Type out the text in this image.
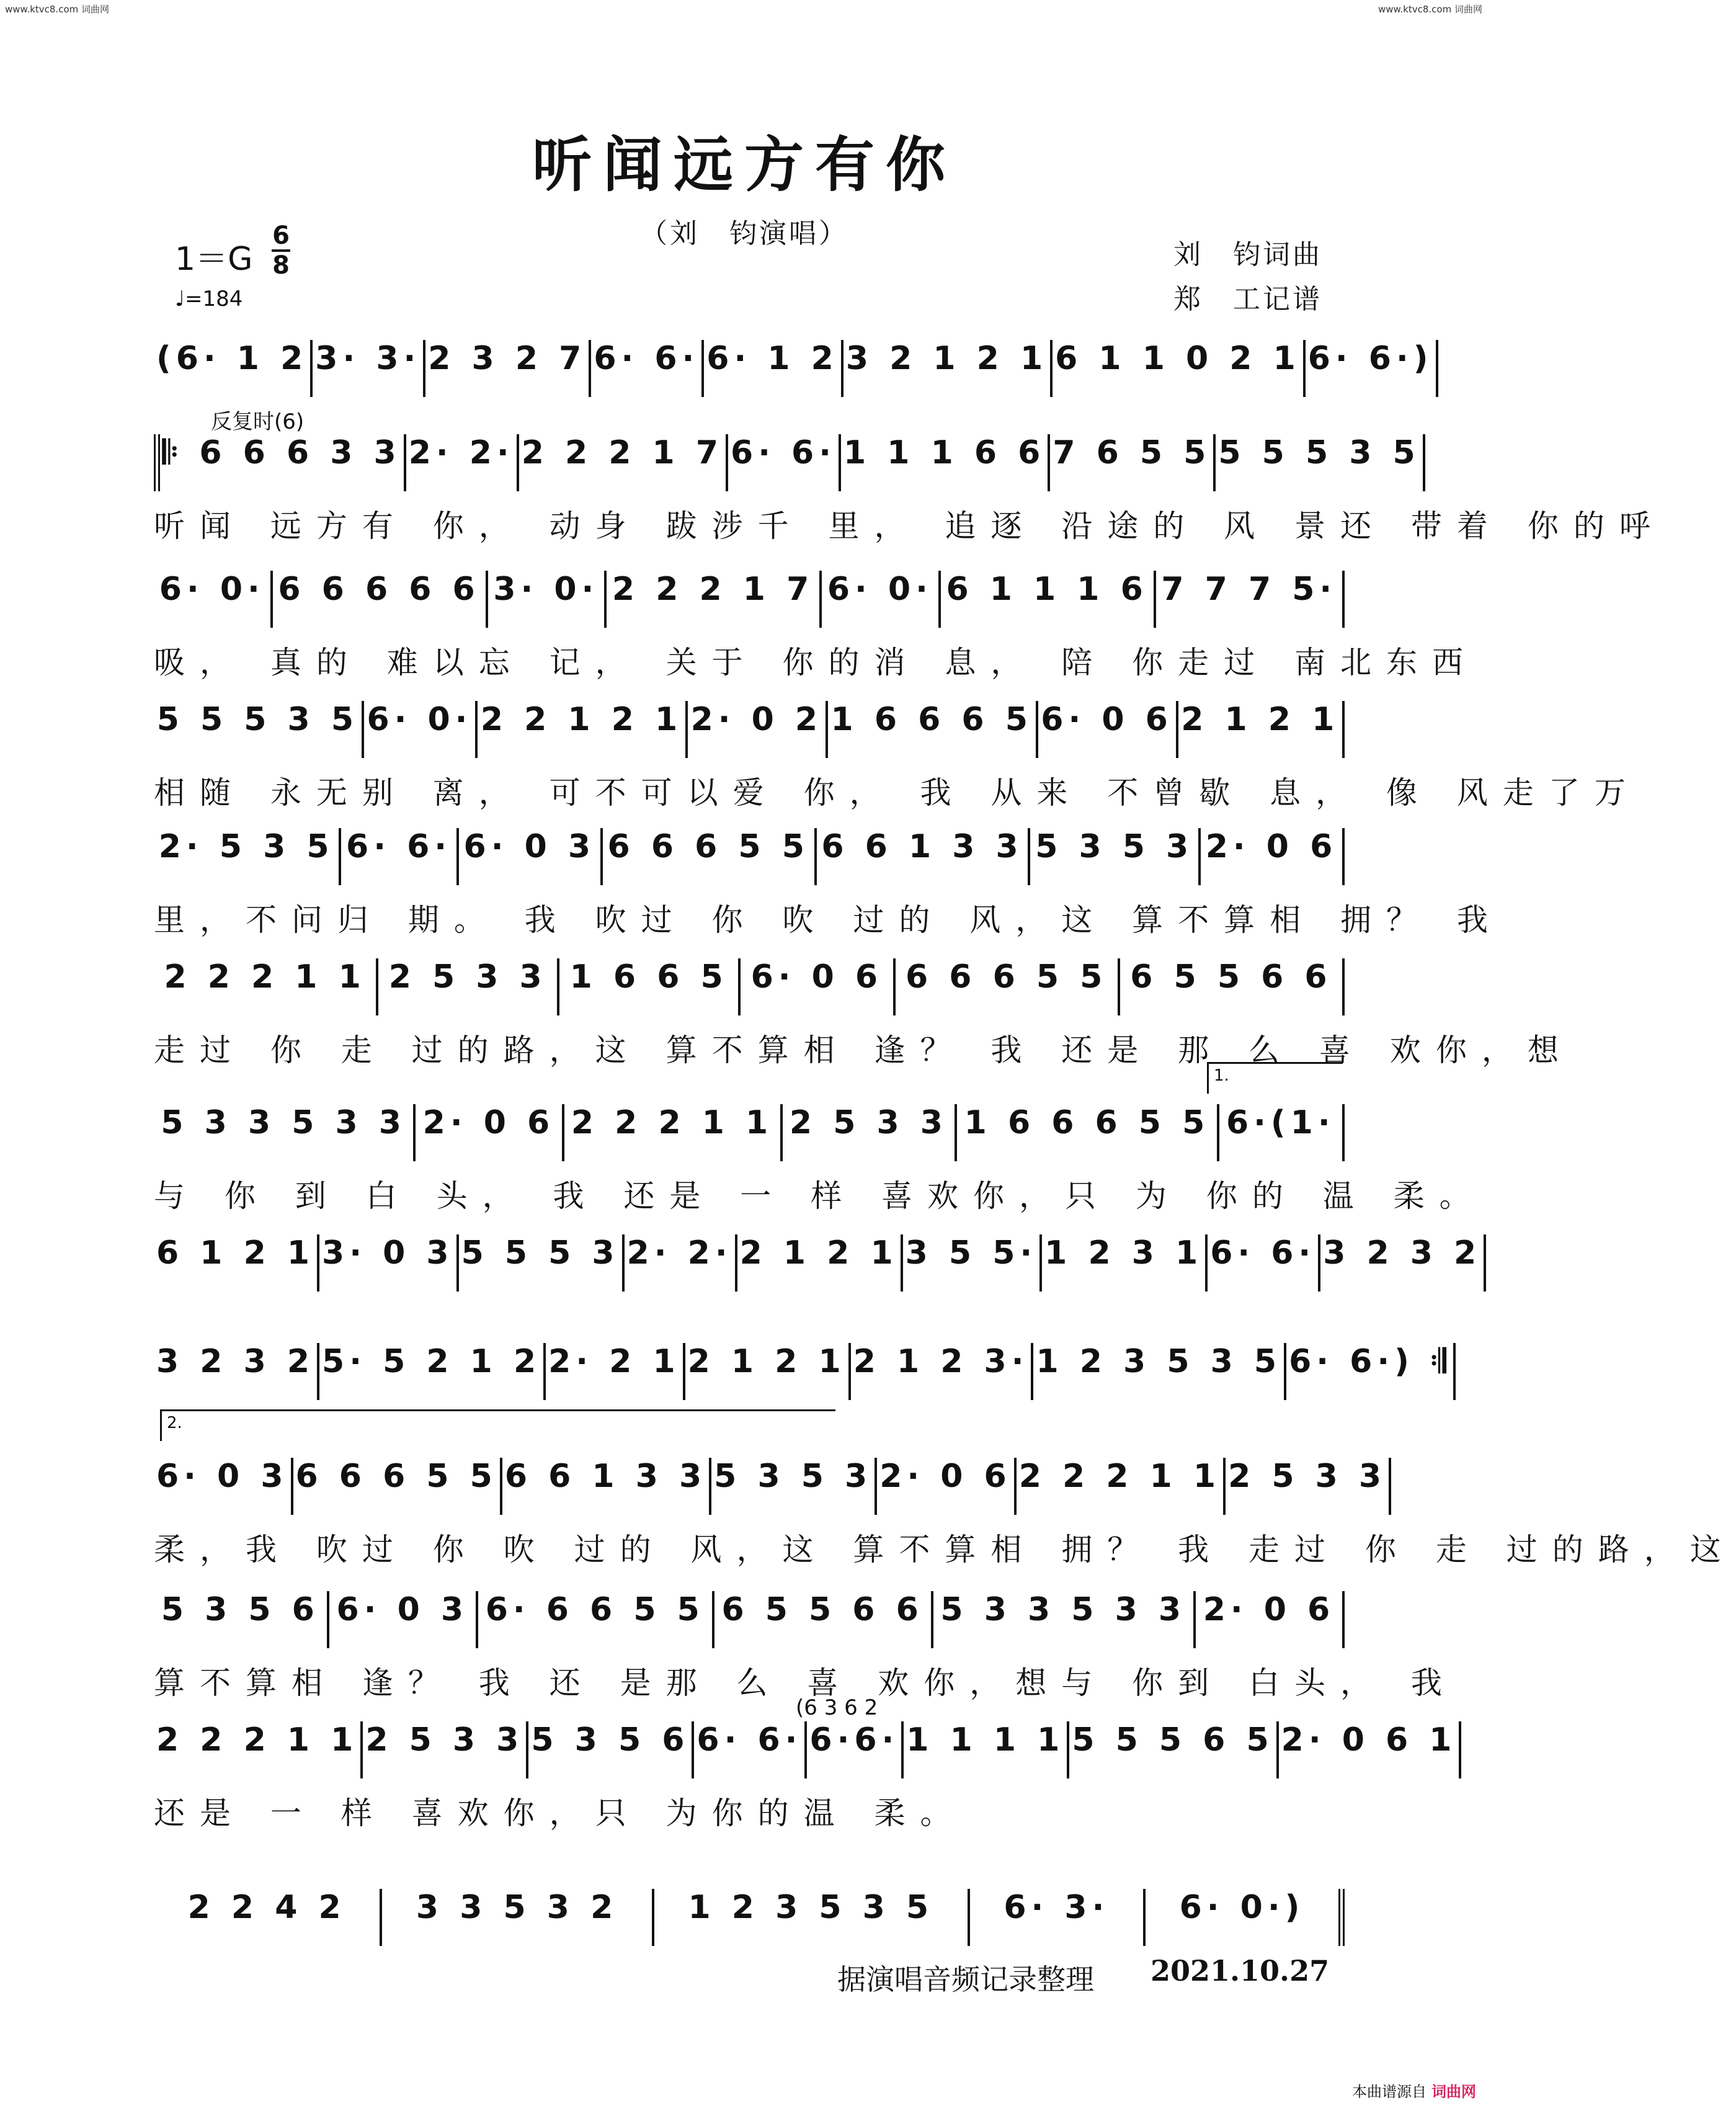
www.ktvc8.com 词曲网	www.ktvc8.com 词曲网
听闻远方有你
（刘　钧演唱）
1＝G
6
8
♩=184
刘　钧词曲
郑　工记谱
反复时(6)
(6 3 6 2
1.
2.
(6· 1 2 3· 3· 2 3 2 7 6· 6· 6· 1 2 3 2 1 2 1 6 1 1 0 2 1 6· 6·)
𝄆 6 6 6 3 3 2· 2· 2 2 2 1 7 6· 6· 1 1 1 6 6 7 6 5 5 5 5 5 3 5
听闻 远方有 你， 动身 跋涉千 里， 追逐 沿途的 风 景还 带着 你的呼
6· 0· 6 6 6 6 6 3· 0· 2 2 2 1 7 6· 0· 6 1 1 1 6 7 7 7 5·
吸， 真的 难以忘 记， 关于 你的消 息， 陪 你走过 南北东西
5 5 5 3 5 6· 0· 2 2 1 2 1 2· 0 2 1 6 6 6 5 6· 0 6 2 1 2 1
相随 永无别 离， 可不可以爱 你， 我 从来 不曾歇 息， 像 风走了万
2· 5 3 5 6· 6· 6· 0 3 6 6 6 5 5 6 6 1 3 3 5 3 5 3 2· 0 6
里，不问归 期。 我 吹过 你 吹 过的 风，这 算不算相 拥？ 我
2 2 2 1 1 2 5 3 3 1 6 6 5 6· 0 6 6 6 6 5 5 6 5 5 6 6
走过 你 走 过的路，这 算不算相 逢？ 我 还是 那 么 喜 欢你，想
5 3 3 5 3 3 2· 0 6 2 2 2 1 1 2 5 3 3 1 6 6 6 5 5 6·(1·
与 你 到 白 头， 我 还是 一 样 喜欢你，只 为 你的 温 柔。
6 1 2 1 3· 0 3 5 5 5 3 2· 2· 2 1 2 1 3 5 5· 1 2 3 1 6· 6· 3 2 3 2
3 2 3 2 5· 5 2 1 2 2· 2 1 2 1 2 1 2 1 2 3· 1 2 3 5 3 5 6· 6·) 𝄇
6· 0 3 6 6 6 5 5 6 6 1 3 3 5 3 5 3 2· 0 6 2 2 2 1 1 2 5 3 3
柔，我 吹过 你 吹 过的 风，这 算不算相 拥？ 我 走过 你 走 过的路，这
5 3 5 6 6· 0 3 6· 6 6 5 5 6 5 5 6 6 5 3 3 5 3 3 2· 0 6
算不算相 逢？ 我 还 是那 么 喜 欢你，想与 你到 白头， 我
2 2 2 1 1 2 5 3 3 5 3 5 6 6· 6· 6·6· 1 1 1 1 5 5 5 6 5 2· 0 6 1
还是 一 样 喜欢你，只 为你的温 柔。
2 2 4 2 3 3 5 3 2 1 2 3 5 3 5 6· 3· 6· 0·)
据演唱音频记录整理 2021.10.27
本曲谱源自 词曲网
